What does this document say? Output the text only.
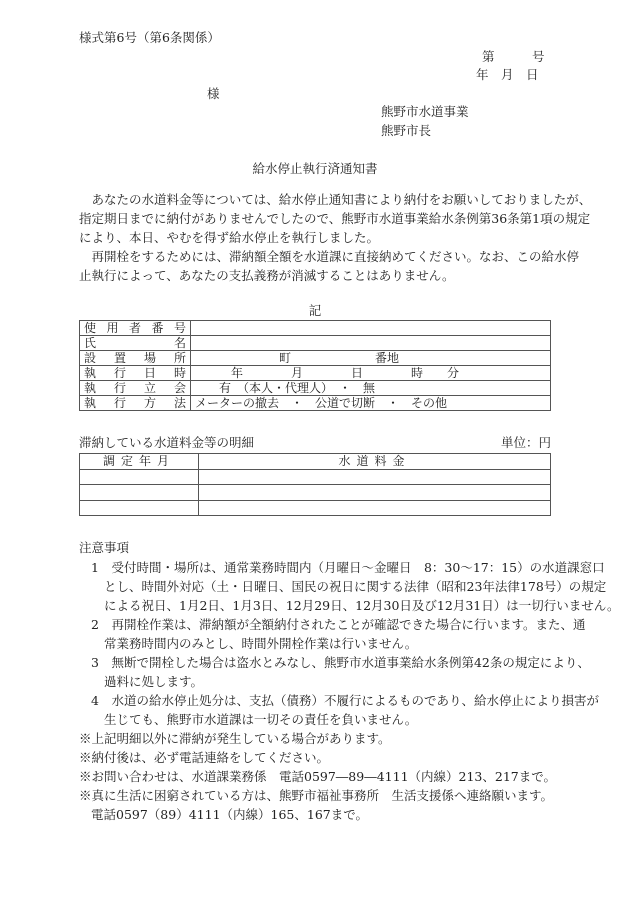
様式第6号（第6条関係）
第　　　号
年　月　日
様
熊野市水道事業
熊野市長
給水停止執行済通知書
　あなたの水道料金等については、給水停止通知書により納付をお願いしておりましたが、
指定期日までに納付がありませんでしたので、熊野市水道事業給水条例第36条第1項の規定
により、本日、やむを得ず給水停止を執行しました。
　再開栓をするためには、滞納額全額を水道課に直接納めてください。なお、この給水停
止執行によって、あなたの支払義務が消滅することはありません。
記
使用者番号	
氏名	
設置場所	　　　　　　　町　　　　　　　番地
執行日時	　　　年　　　　月　　　　日　　　　時　　分
執行立会	　　有　（本人・代理人）　・　無
執行方法	メーターの撤去　・　公道で切断　・　その他
滞納している水道料金等の明細	単位：円
調定年月	水道料金

注意事項
1　受付時間・場所は、通常業務時間内（月曜日～金曜日　8：30～17：15）の水道課窓口
とし、時間外対応（土・日曜日、国民の祝日に関する法律（昭和23年法律178号）の規定
による祝日、1月2日、1月3日、12月29日、12月30日及び12月31日）は一切行いません。
2　再開栓作業は、滞納額が全額納付されたことが確認できた場合に行います。また、通
常業務時間内のみとし、時間外開栓作業は行いません。
3　無断で開栓した場合は盗水とみなし、熊野市水道事業給水条例第42条の規定により、
過料に処します。
4　水道の給水停止処分は、支払（債務）不履行によるものであり、給水停止により損害が
生じても、熊野市水道課は一切その責任を負いません。
※上記明細以外に滞納が発生している場合があります。
※納付後は、必ず電話連絡をしてください。
※お問い合わせは、水道課業務係　電話0597―89―4111（内線）213、217まで。
※真に生活に困窮されている方は、熊野市福祉事務所　生活支援係へ連絡願います。
電話0597（89）4111（内線）165、167まで。
